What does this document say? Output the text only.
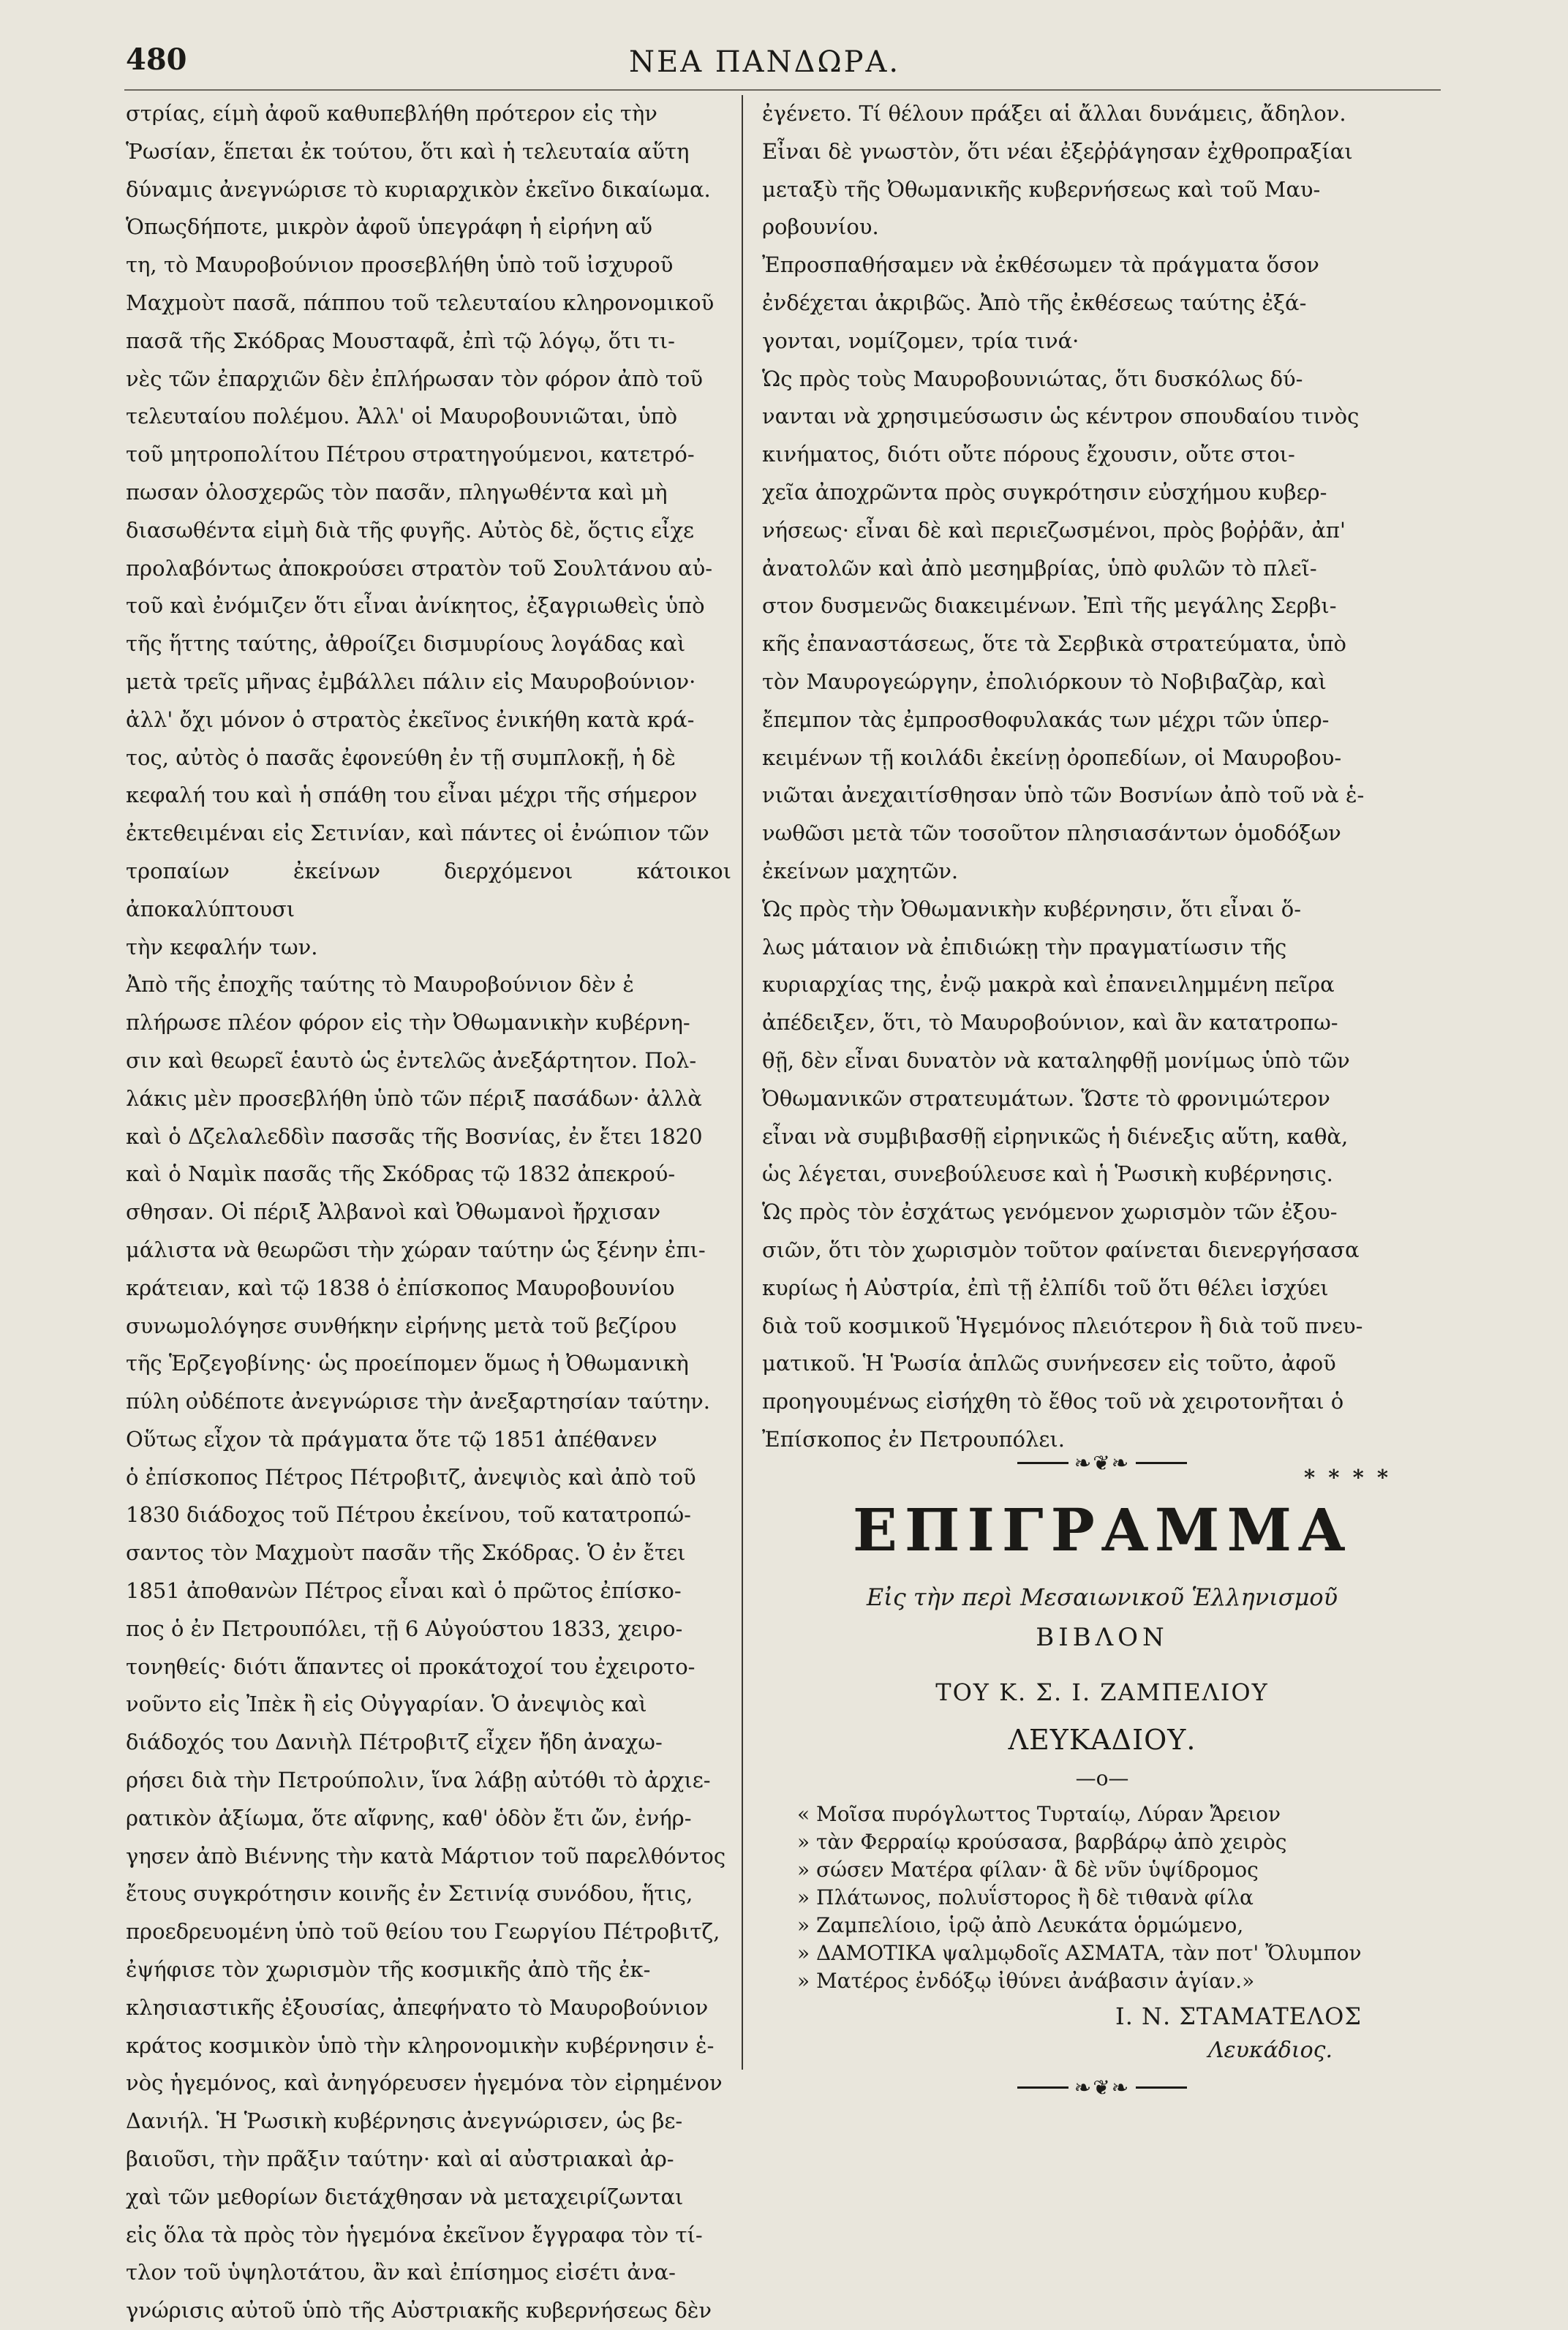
480	ΝΕΑ ΠΑΝΔΩΡΑ.

στρίας, είμὴ ἀφοῦ καθυπεβλήθη πρότερον εἰς τὴν
Ῥωσίαν, ἕπεται ἐκ τούτου, ὅτι καὶ ἡ τελευταία αὕτη
δύναμις ἀνεγνώρισε τὸ κυριαρχικὸν ἐκεῖνο δικαίωμα.

Ὁπωςδήποτε, μικρὸν ἀφοῦ ὑπεγράφη ἡ εἰρήνη αὕ
τη, τὸ Μαυροβούνιον προσεβλήθη ὑπὸ τοῦ ἰσχυροῦ
Μαχμοὺτ πασᾶ, πάππου τοῦ τελευταίου κληρονομικοῦ
πασᾶ τῆς Σκόδρας Μουσταφᾶ, ἐπὶ τῷ λόγῳ, ὅτι τι-
νὲς τῶν ἐπαρχιῶν δὲν ἐπλήρωσαν τὸν φόρον ἀπὸ τοῦ
τελευταίου πολέμου. Ἀλλ' οἱ Μαυροβουνιῶται, ὑπὸ
τοῦ μητροπολίτου Πέτρου στρατηγούμενοι, κατετρό-
πωσαν ὁλοσχερῶς τὸν πασᾶν, πληγωθέντα καὶ μὴ
διασωθέντα εἰμὴ διὰ τῆς φυγῆς. Αὐτὸς δὲ, ὅςτις εἶχε
προλαβόντως ἀποκρούσει στρατὸν τοῦ Σουλτάνου αὐ-
τοῦ καὶ ἐνόμιζεν ὅτι εἶναι ἀνίκητος, ἐξαγριωθεὶς ὑπὸ
τῆς ἥττης ταύτης, ἀθροίζει δισμυρίους λογάδας καὶ
μετὰ τρεῖς μῆνας ἐμβάλλει πάλιν εἰς Μαυροβούνιον·
ἀλλ' ὄχι μόνον ὁ στρατὸς ἐκεῖνος ἐνικήθη κατὰ κρά-
τος, αὐτὸς ὁ πασᾶς ἐφονεύθη ἐν τῇ συμπλοκῇ, ἡ δὲ
κεφαλή του καὶ ἡ σπάθη του εἶναι μέχρι τῆς σήμερον
ἐκτεθειμέναι εἰς Σετινίαν, καὶ πάντες οἱ ἐνώπιον τῶν
τροπαίων ἐκείνων διερχόμενοι κάτοικοι ἀποκαλύπτουσι
τὴν κεφαλήν των.

Ἀπὸ τῆς ἐποχῆς ταύτης τὸ Μαυροβούνιον δὲν ἐ
πλήρωσε πλέον φόρον εἰς τὴν Ὀθωμανικὴν κυβέρνη-
σιν καὶ θεωρεῖ ἑαυτὸ ὡς ἐντελῶς ἀνεξάρτητον. Πολ-
λάκις μὲν προσεβλήθη ὑπὸ τῶν πέριξ πασάδων· ἀλλὰ
καὶ ὁ Δζελαλεδδὶν πασσᾶς τῆς Βοσνίας, ἐν ἔτει 1820
καὶ ὁ Ναμὶκ πασᾶς τῆς Σκόδρας τῷ 1832 ἀπεκρού-
σθησαν. Οἱ πέριξ Ἀλβανοὶ καὶ Ὀθωμανοὶ ἤρχισαν
μάλιστα νὰ θεωρῶσι τὴν χώραν ταύτην ὡς ξένην ἐπι-
κράτειαν, καὶ τῷ 1838 ὁ ἐπίσκοπος Μαυροβουνίου
συνωμολόγησε συνθήκην εἰρήνης μετὰ τοῦ βεζίρου
τῆς Ἑρζεγοβίνης· ὡς προείπομεν ὅμως ἡ Ὀθωμανικὴ
πύλη οὐδέποτε ἀνεγνώρισε τὴν ἀνεξαρτησίαν ταύτην.

Οὕτως εἶχον τὰ πράγματα ὅτε τῷ 1851 ἀπέθανεν
ὁ ἐπίσκοπος Πέτρος Πέτροβιτζ, ἀνεψιὸς καὶ ἀπὸ τοῦ
1830 διάδοχος τοῦ Πέτρου ἐκείνου, τοῦ κατατροπώ-
σαντος τὸν Μαχμοὺτ πασᾶν τῆς Σκόδρας. Ὁ ἐν ἔτει
1851 ἀποθανὼν Πέτρος εἶναι καὶ ὁ πρῶτος ἐπίσκο-
πος ὁ ἐν Πετρουπόλει, τῇ 6 Αὐγούστου 1833, χειρο-
τονηθείς· διότι ἅπαντες οἱ προκάτοχοί του ἐχειροτο-
νοῦντο εἰς Ἰπὲκ ἢ εἰς Οὐγγαρίαν. Ὁ ἀνεψιὸς καὶ
διάδοχός του Δανιὴλ Πέτροβιτζ εἶχεν ἤδη ἀναχω-
ρήσει διὰ τὴν Πετρούπολιν, ἵνα λάβῃ αὐτόθι τὸ ἀρχιε-
ρατικὸν ἀξίωμα, ὅτε αἴφνης, καθ' ὁδὸν ἔτι ὤν, ἐνήρ-
γησεν ἀπὸ Βιέννης τὴν κατὰ Μάρτιον τοῦ παρελθόντος
ἔτους συγκρότησιν κοινῆς ἐν Σετινίᾳ συνόδου, ἥτις,
προεδρευομένη ὑπὸ τοῦ θείου του Γεωργίου Πέτροβιτζ,
ἐψήφισε τὸν χωρισμὸν τῆς κοσμικῆς ἀπὸ τῆς ἐκ-
κλησιαστικῆς ἐξουσίας, ἀπεφήνατο τὸ Μαυροβούνιον
κράτος κοσμικὸν ὑπὸ τὴν κληρονομικὴν κυβέρνησιν ἑ-
νὸς ἡγεμόνος, καὶ ἀνηγόρευσεν ἡγεμόνα τὸν εἰρημένον
Δανιήλ. Ἡ Ῥωσικὴ κυβέρνησις ἀνεγνώρισεν, ὡς βε-
βαιοῦσι, τὴν πρᾶξιν ταύτην· καὶ αἱ αὐστριακαὶ ἀρ-
χαὶ τῶν μεθορίων διετάχθησαν νὰ μεταχειρίζωνται
εἰς ὅλα τὰ πρὸς τὸν ἡγεμόνα ἐκεῖνον ἔγγραφα τὸν τί-
τλον τοῦ ὑψηλοτάτου, ἂν καὶ ἐπίσημος εἰσέτι ἀνα-
γνώρισις αὐτοῦ ὑπὸ τῆς Αὐστριακῆς κυβερνήσεως δὲν

ἐγένετο. Τί θέλουν πράξει αἱ ἄλλαι δυνάμεις, ἄδηλον.
Εἶναι δὲ γνωστὸν, ὅτι νέαι ἐξεῤῥάγησαν ἐχθροπραξίαι
μεταξὺ τῆς Ὀθωμανικῆς κυβερνήσεως καὶ τοῦ Μαυ-
ροβουνίου.

Ἐπροσπαθήσαμεν νὰ ἐκθέσωμεν τὰ πράγματα ὅσον
ἐνδέχεται ἀκριβῶς. Ἀπὸ τῆς ἐκθέσεως ταύτης ἐξά-
γονται, νομίζομεν, τρία τινά·

Ὡς πρὸς τοὺς Μαυροβουνιώτας, ὅτι δυσκόλως δύ-
νανται νὰ χρησιμεύσωσιν ὡς κέντρον σπουδαίου τινὸς
κινήματος, διότι οὔτε πόρους ἔχουσιν, οὔτε στοι-
χεῖα ἀποχρῶντα πρὸς συγκρότησιν εὐσχήμου κυβερ-
νήσεως· εἶναι δὲ καὶ περιεζωσμένοι, πρὸς βοῤῥᾶν, ἀπ'
ἀνατολῶν καὶ ἀπὸ μεσημβρίας, ὑπὸ φυλῶν τὸ πλεῖ-
στον δυσμενῶς διακειμένων. Ἐπὶ τῆς μεγάλης Σερβι-
κῆς ἐπαναστάσεως, ὅτε τὰ Σερβικὰ στρατεύματα, ὑπὸ
τὸν Μαυρογεώργην, ἐπολιόρκουν τὸ Νοβιβαζὰρ, καὶ
ἔπεμπον τὰς ἐμπροσθοφυλακάς των μέχρι τῶν ὑπερ-
κειμένων τῇ κοιλάδι ἐκείνῃ ὀροπεδίων, οἱ Μαυροβου-
νιῶται ἀνεχαιτίσθησαν ὑπὸ τῶν Βοσνίων ἀπὸ τοῦ νὰ ἑ-
νωθῶσι μετὰ τῶν τοσοῦτον πλησιασάντων ὁμοδόξων
ἐκείνων μαχητῶν.

Ὡς πρὸς τὴν Ὀθωμανικὴν κυβέρνησιν, ὅτι εἶναι ὅ-
λως μάταιον νὰ ἐπιδιώκῃ τὴν πραγματίωσιν τῆς
κυριαρχίας της, ἐνῷ μακρὰ καὶ ἐπανειλημμένη πεῖρα
ἀπέδειξεν, ὅτι, τὸ Μαυροβούνιον, καὶ ἂν κατατροπω-
θῇ, δὲν εἶναι δυνατὸν νὰ καταληφθῇ μονίμως ὑπὸ τῶν
Ὀθωμανικῶν στρατευμάτων. Ὥστε τὸ φρονιμώτερον
εἶναι νὰ συμβιβασθῇ εἰρηνικῶς ἡ διένεξις αὕτη, καθὰ,
ὡς λέγεται, συνεβούλευσε καὶ ἡ Ῥωσικὴ κυβέρνησις.

Ὡς πρὸς τὸν ἐσχάτως γενόμενον χωρισμὸν τῶν ἐξου-
σιῶν, ὅτι τὸν χωρισμὸν τοῦτον φαίνεται διενεργήσασα
κυρίως ἡ Αὐστρία, ἐπὶ τῇ ἐλπίδι τοῦ ὅτι θέλει ἰσχύει
διὰ τοῦ κοσμικοῦ Ἡγεμόνος πλειότερον ἢ διὰ τοῦ πνευ-
ματικοῦ. Ἡ Ῥωσία ἁπλῶς συνήνεσεν εἰς τοῦτο, ἀφοῦ
προηγουμένως εἰσήχθη τὸ ἔθος τοῦ νὰ χειροτονῆται ὁ
Ἐπίσκοπος ἐν Πετρουπόλει.

* * * *

❧❦❧
ΕΠΙΓΡΑΜΜΑ
Εἰς τὴν περὶ Μεσαιωνικοῦ Ἑλληνισμοῦ
ΒΙΒΛΟΝ
ΤΟΥ Κ. Σ. Ι. ΖΑΜΠΕΛΙΟΥ
ΛΕΥΚΑΔΙΟΥ.
—o—
« Μοῖσα πυρόγλωττος Τυρταίῳ, Λύραν Ἄρειον
» τὰν Φερραίῳ κρούσασα, βαρβάρῳ ἀπὸ χειρὸς
» σώσεν Ματέρα φίλαν· ἃ δὲ νῦν ὑψίδρομος
» Πλάτωνος, πολυΐστορος ἢ δὲ τιθανὰ φίλα
» Ζαμπελίοιο, ἱρῷ ἀπὸ Λευκάτα ὁρμώμενο,
» ΔΑΜΟΤΙΚΑ ψαλμῳδοῖς ΑΣΜΑΤΑ, τὰν ποτ' Ὄλυμπον
» Ματέρος ἐνδόξῳ ἰθύνει ἀνάβασιν ἁγίαν.»
Ι. Ν. ΣΤΑΜΑΤΕΛΟΣ
Λευκάδιος.
❧❦❧
